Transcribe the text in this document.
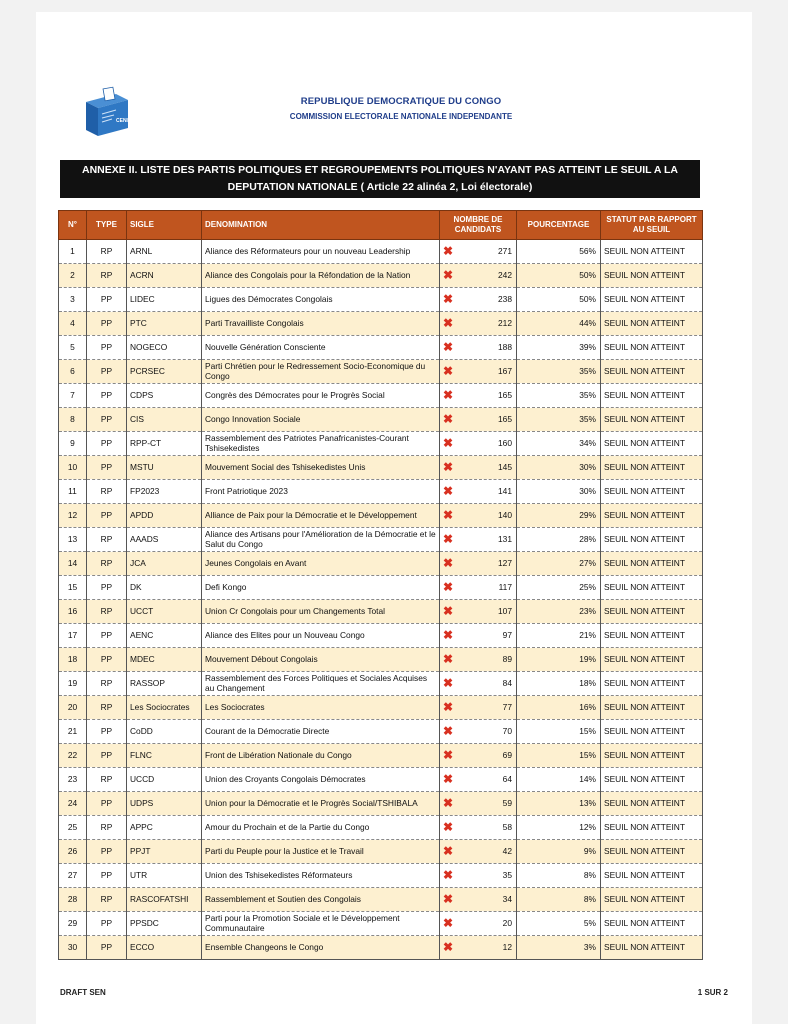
CENI
REPUBLIQUE DEMOCRATIQUE DU CONGO
COMMISSION ELECTORALE NATIONALE INDEPENDANTE
ANNEXE II. LISTE DES PARTIS POLITIQUES ET REGROUPEMENTS POLITIQUES N'AYANT PAS ATTEINT LE SEUIL A LA
DEPUTATION NATIONALE ( Article 22 alinéa 2, Loi électorale)
N°	TYPE	SIGLE	DENOMINATION	NOMBRE DE CANDIDATS	POURCENTAGE	STATUT PAR RAPPORT AU SEUIL
1	RP	ARNL	Aliance des Réformateurs pour un nouveau Leadership	✖ 271	56%	SEUIL NON ATTEINT
2	RP	ACRN	Aliance des Congolais pour la Réfondation de la Nation	✖ 242	50%	SEUIL NON ATTEINT
3	PP	LIDEC	Ligues des Démocrates Congolais	✖ 238	50%	SEUIL NON ATTEINT
4	PP	PTC	Parti Travailliste Congolais	✖ 212	44%	SEUIL NON ATTEINT
5	PP	NOGECO	Nouvelle Génération Consciente	✖ 188	39%	SEUIL NON ATTEINT
6	PP	PCRSEC	Parti Chrétien pour le Redressement Socio-Economique du Congo	✖ 167	35%	SEUIL NON ATTEINT
7	PP	CDPS	Congrès des Démocrates pour le Progrès Social	✖ 165	35%	SEUIL NON ATTEINT
8	PP	CIS	Congo Innovation Sociale	✖ 165	35%	SEUIL NON ATTEINT
9	PP	RPP-CT	Rassemblement des Patriotes Panafricanistes-Courant Tshisekedistes	✖ 160	34%	SEUIL NON ATTEINT
10	PP	MSTU	Mouvement Social des Tshisekedistes Unis	✖ 145	30%	SEUIL NON ATTEINT
11	RP	FP2023	Front Patriotique 2023	✖ 141	30%	SEUIL NON ATTEINT
12	PP	APDD	Alliance de Paix pour la Démocratie et le Développement	✖ 140	29%	SEUIL NON ATTEINT
13	RP	AAADS	Aliance des Artisans pour l'Amélioration de la Démocratie et le Salut du Congo	✖ 131	28%	SEUIL NON ATTEINT
14	RP	JCA	Jeunes Congolais en Avant	✖ 127	27%	SEUIL NON ATTEINT
15	PP	DK	Defi Kongo	✖ 117	25%	SEUIL NON ATTEINT
16	RP	UCCT	Union Cr Congolais pour um Changements Total	✖ 107	23%	SEUIL NON ATTEINT
17	PP	AENC	Aliance des Elites pour un Nouveau Congo	✖ 97	21%	SEUIL NON ATTEINT
18	PP	MDEC	Mouvement Débout Congolais	✖ 89	19%	SEUIL NON ATTEINT
19	RP	RASSOP	Rassemblement des Forces Politiques et Sociales Acquises au Changement	✖ 84	18%	SEUIL NON ATTEINT
20	RP	Les Sociocrates	Les Sociocrates	✖ 77	16%	SEUIL NON ATTEINT
21	PP	CoDD	Courant de la Démocratie Directe	✖ 70	15%	SEUIL NON ATTEINT
22	PP	FLNC	Front de Libération Nationale du Congo	✖ 69	15%	SEUIL NON ATTEINT
23	RP	UCCD	Union des Croyants Congolais Démocrates	✖ 64	14%	SEUIL NON ATTEINT
24	PP	UDPS	Union pour la Démocratie et le Progrès Social/TSHIBALA	✖ 59	13%	SEUIL NON ATTEINT
25	RP	APPC	Amour du Prochain et de la Partie du Congo	✖ 58	12%	SEUIL NON ATTEINT
26	PP	PPJT	Parti du Peuple pour la Justice et le Travail	✖ 42	9%	SEUIL NON ATTEINT
27	PP	UTR	Union des Tshisekedistes Réformateurs	✖ 35	8%	SEUIL NON ATTEINT
28	RP	RASCOFATSHI	Rassemblement et Soutien des Congolais	✖ 34	8%	SEUIL NON ATTEINT
29	PP	PPSDC	Parti pour la Promotion Sociale et le Développement Communautaire	✖ 20	5%	SEUIL NON ATTEINT
30	PP	ECCO	Ensemble Changeons le Congo	✖ 12	3%	SEUIL NON ATTEINT
DRAFT SEN	1 SUR 2
